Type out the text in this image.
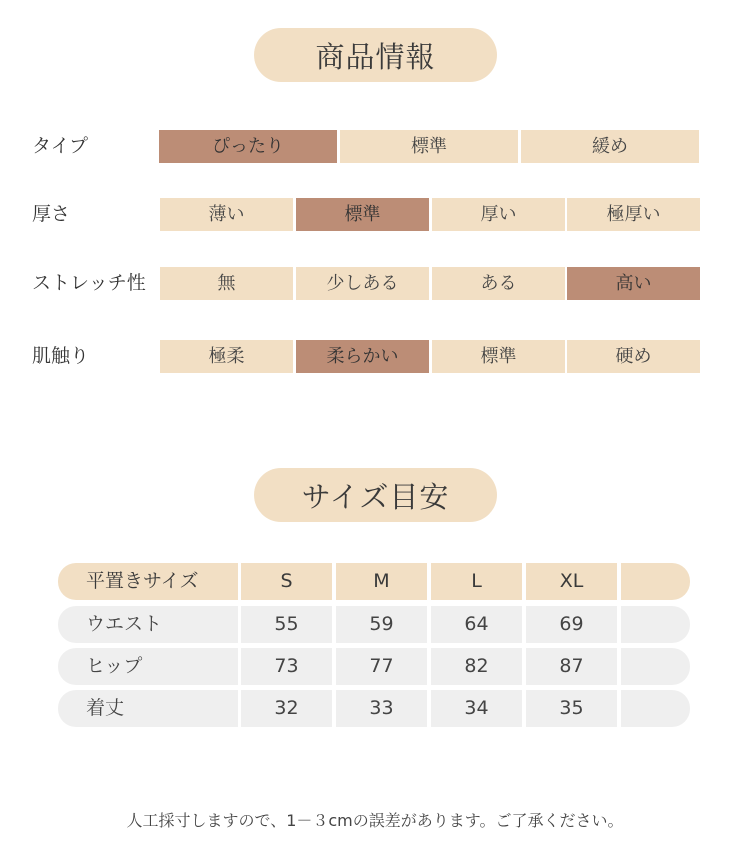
商品情報
タイプ	ぴったり	標準	緩め
厚さ	薄い	標準	厚い	極厚い
ストレッチ性	無	少しある	ある	高い
肌触り	極柔	柔らかい	標準	硬め
サイズ目安
平置きサイズ	S	M	L	XL
ウエスト	55	59	64	69
ヒップ	73	77	82	87
着丈	32	33	34	35
人工採寸しますので、1－３cmの誤差があります。ご了承ください。
